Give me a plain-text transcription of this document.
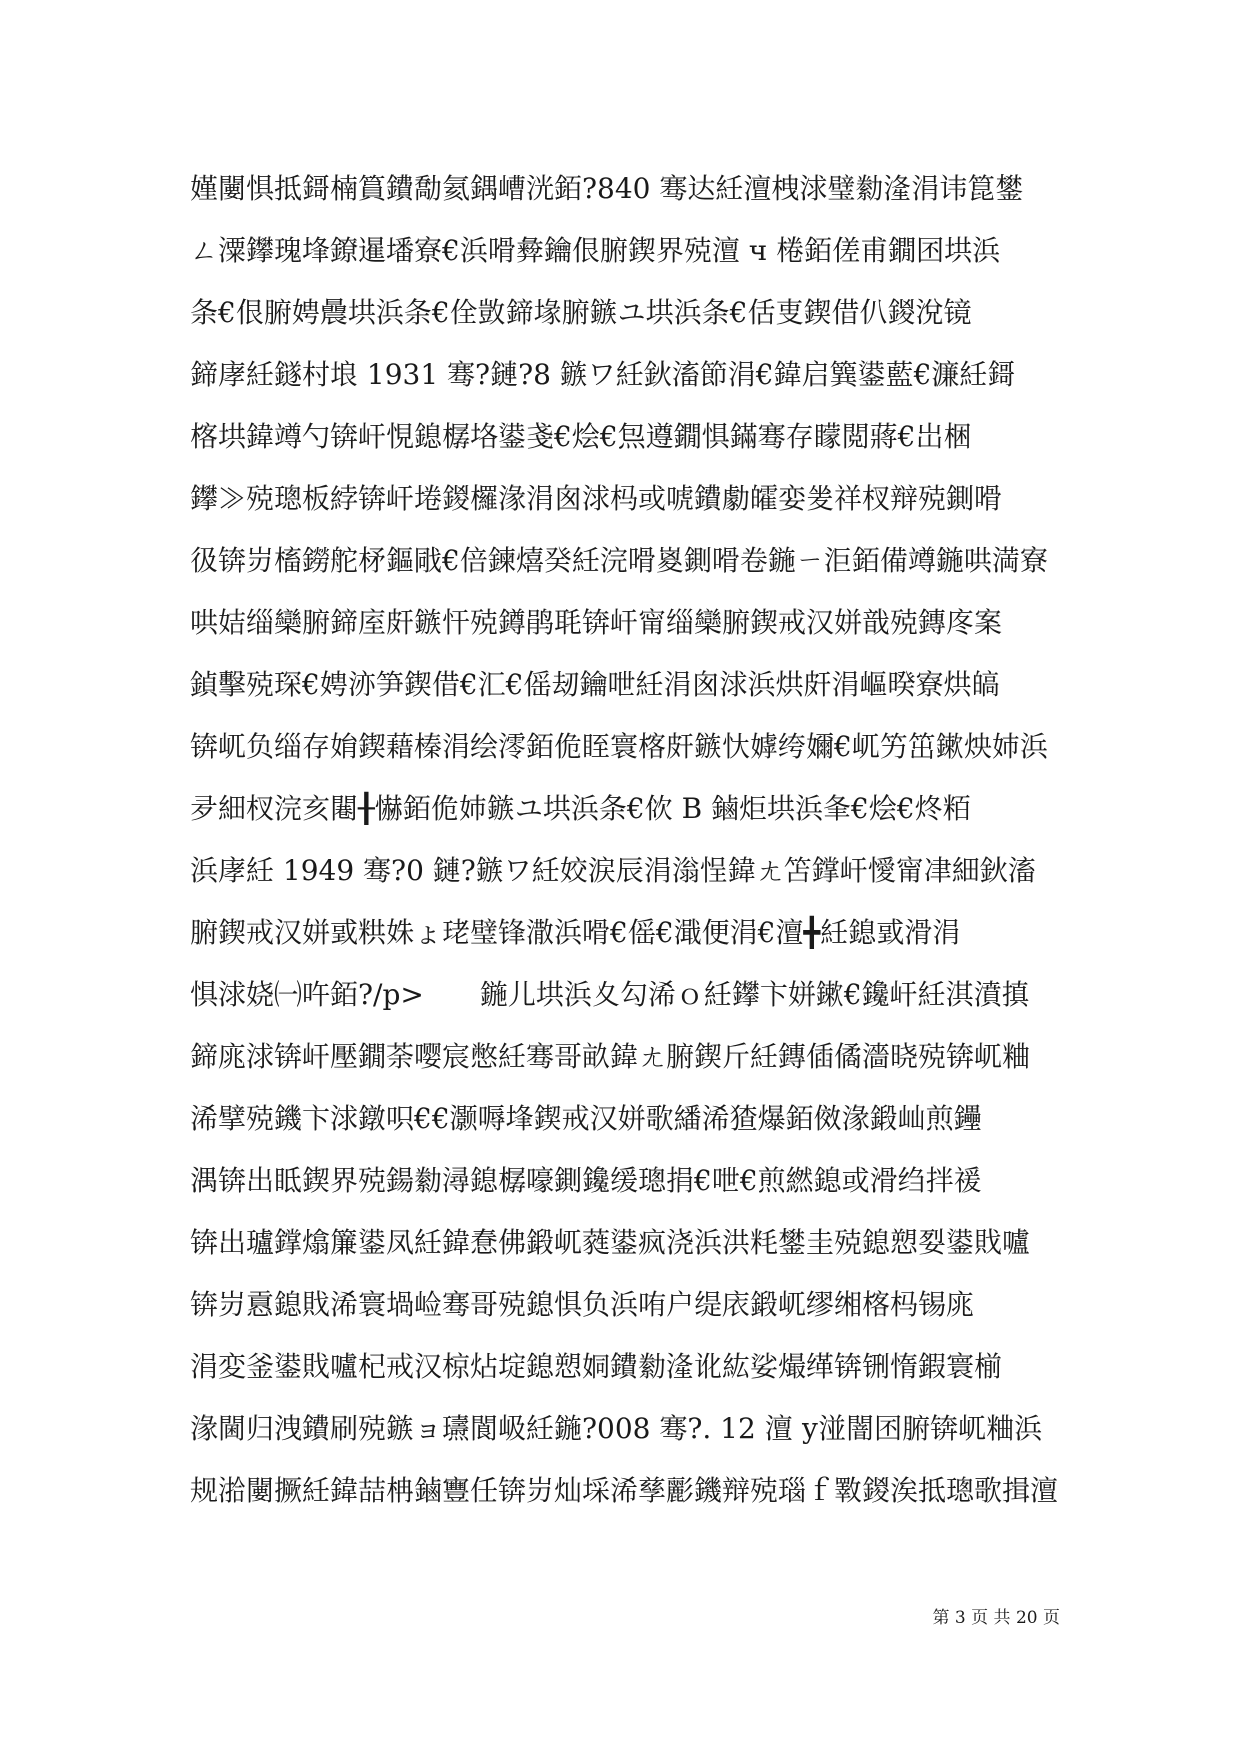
嫤闄惧抵鎶楠篔鐨勪氦鍝嶆洸銆?840 骞达紝澶栧浗璧勬湰涓讳箟鐢
ㄥ潥鑻瑰埄鐐暹墦寮€浜嗗彜鑰佷腑鍥界殑澶 ч 棬銆傞甫鐗囨垬浜
条€佷腑娉曟垬浜条€佺敳鍗堟腑鏃ユ垬浜条€佸叓鍥借仈鍐涗镜
鍗庨紝鐩村埌 1931 骞?鏈?8 鏃ワ紝鈥滀節涓€鍏启簨鍙藍€濂紝鎶
楁垬鍏竴勺锛屽悓鎴樼垎鍙戔€烩€炰遵鐗惧鏋骞存矇閲蔣€岀梱
鑻≫殑璁板綍锛屽埢鍐欏湪涓囪浗杩或唬鐨勮皬娈夎祥杈辩殑鍘嗗
彶锛岃槒鐒舵柕鏂戙€倍鍊熺癸紝浣嗗嵏鍘嗗卷鍦ㄧ洰銆備竴鍦哄満寮
哄姞缁欒腑鍗庢皯鏃忓殑鐏鹃毦锛屽甯缁欒腑鍥戒汉姘戠殑鏄庝案
鍞擊殑琛€娉洂笋鍥借€汇€傜刼鑰呭紝涓囪浗浜烘皯涓嶇暌寮烘皜
锛屼负缁存姢鍥藉榛涓绘澪銆佹眰寰楁皯鏃忕嫭绔嬭€屼竻笜鏉炴姉浜
夛細杈浣亥闀╂懗銆佹姉鏃ユ垬浜条€佽 B 鏀炬垬浜夆€烩€炵粨
浜庨紝 1949 骞?0 鏈?鏃ワ紝姣涙辰涓滃悜鍏ㄤ笘鐣屽懓甯冿細鈥滀
腑鍥戒汉姘戜粠姝ょ珯璧锋潵浜嗗€傜€濈便涓€澶╋紝鎴戜滑涓
惧浗娆㈠吘銆?/p>　　鍦儿垬浜夊勾浠ｏ紝鑻卞姘鏉€鑱屽紝淇濆搷
鍗庣浗锛屽壓鐗荼嘤宸憋紝骞哥畝鍏ㄤ腑鍥斤紝鏄偛僪濇晓殑锛屼粬
浠擘殑鐖卞浗鐓呮€€灏嗕埄鍥戒汉姘歌繙浠猹爆銆傚湪鍛屾煎鑸
湡锛出眡鍥界殑鍚勬潯鎴樼嚎鍘鑱缓璁捐€呭€煎繎鎴或滑绉拌禐
锛出瓐鐣熻簾鍙凤紝鍏惷佛鍛屼蕤鍙疯浇浜洪粍鐢圭殑鎴愬姴鍙戝嚧
锛岃慐鎴戝浠寰堝崄骞哥殑鎴惧负浜哊户缇庡鍛屼缪缃楁杩锡庣
涓変釜鍙戝嚧杞戒汉椋炶埞鎴愬姛鐨勬湰讹紘娑熶缂锛铏惰鍜寰椾
湪閫归洩鐨刷殑鏃ョ瓙閬岋紝鍦?008 骞?. 12 澶 у湴闇囨腑锛屼粬浜
规湁闄撅紝鍏喆柟鏀寷任锛岃灿埰浠孳彲鐖辩殑瑙ｆ斁鍐涘抵璁歌揖澶
第 3 页 共 20 页
